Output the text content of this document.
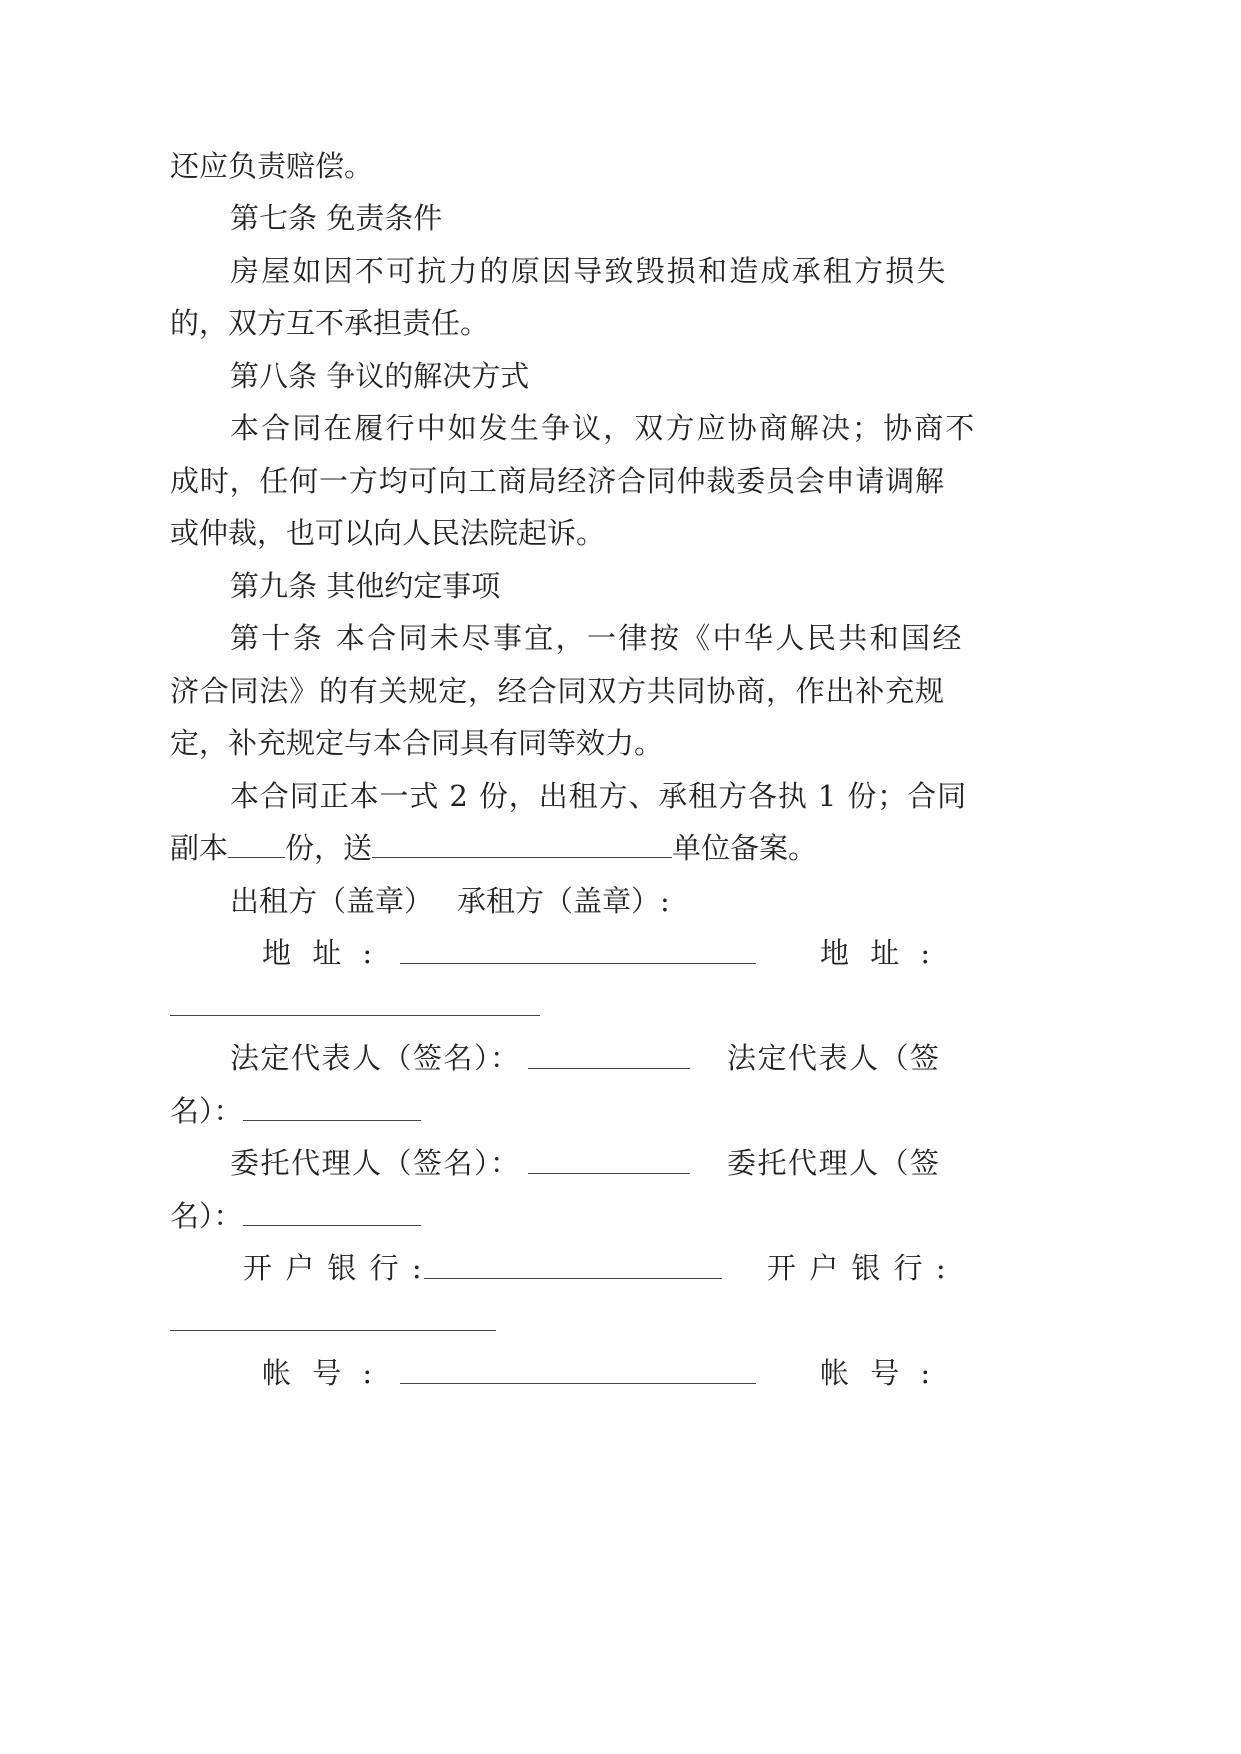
还应负责赔偿。
第七条 免责条件
房屋如因不可抗力的原因导致毁损和造成承租方损失
的，双方互不承担责任。
第八条 争议的解决方式
本合同在履行中如发生争议，双方应协商解决；协商不
成时，任何一方均可向工商局经济合同仲裁委员会申请调解
或仲裁，也可以向人民法院起诉。
第九条 其他约定事项
第十条 本合同未尽事宜，一律按《中华人民共和国经
济合同法》的有关规定，经合同双方共同协商，作出补充规
定，补充规定与本合同具有同等效力。
本合同正本一式 2 份，出租方、承租方各执 1 份；合同
副本 份，送	单位备案。
出租方（盖章） 承租方（盖章）:
地 址 :	地 址 :
法定代表人（签名）：	法定代表人（签
名）：
委托代理人（签名）：	委托代理人（签
名）：
开 户 银 行 :	开 户 银 行 :
帐 号 :	帐 号 :
